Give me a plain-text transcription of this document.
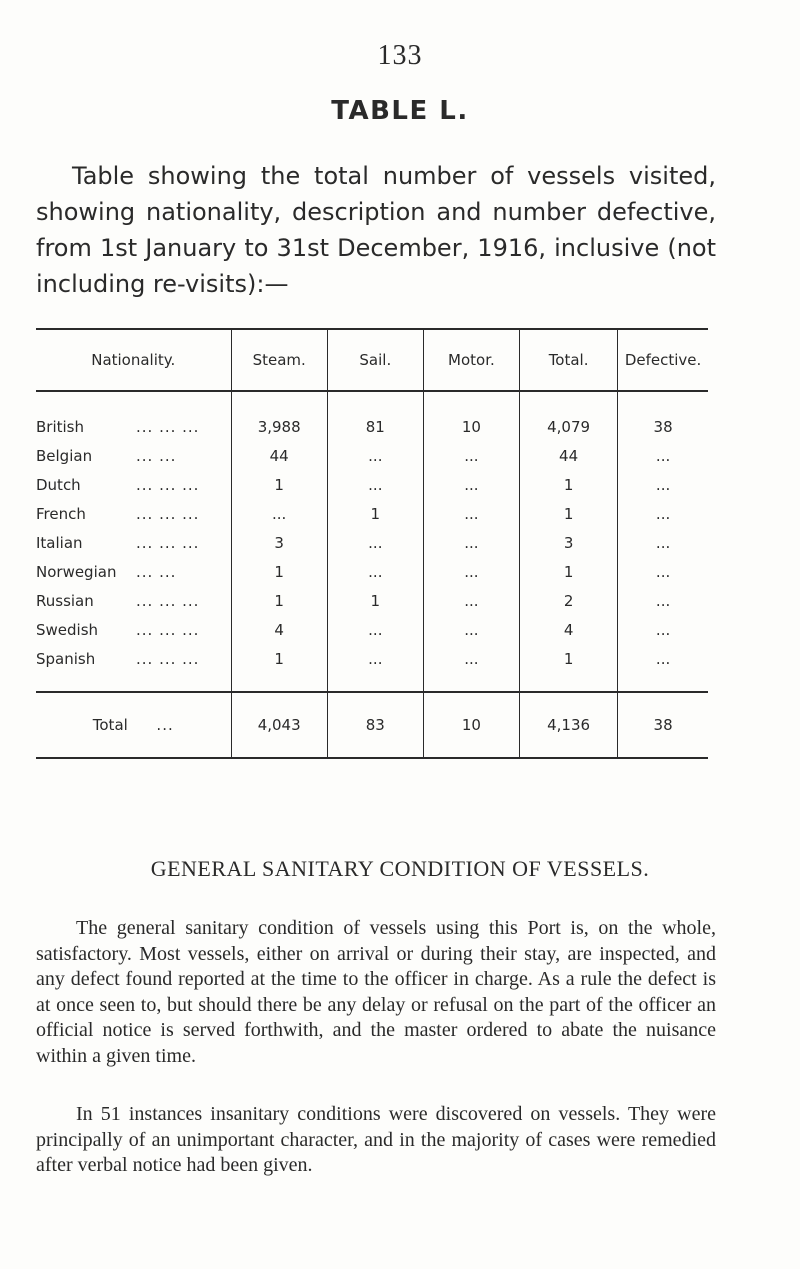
133
TABLE L.
Table showing the total number of vessels visited, showing nationality, description and number defective, from 1st January to 31st December, 1916, inclusive (not including re-visits):—
Nationality.	Steam.	Sail.	Motor.	Total.	Defective.
British ... ... ...	3,988	81	10	4,079	38
Belgian ... ...	44	...	...	44	...
Dutch ... ... ...	1	...	...	1	...
French ... ... ...	...	1	...	1	...
Italian ... ... ...	3	...	...	3	...
Norwegian ... ...	1	...	...	1	...
Russian ... ... ...	1	1	...	2	...
Swedish ... ... ...	4	...	...	4	...
Spanish ... ... ...	1	...	...	1	...
Total ...	4,043	83	10	4,136	38
GENERAL SANITARY CONDITION OF VESSELS.
The general sanitary condition of vessels using this Port is, on the whole, satisfactory. Most vessels, either on arrival or during their stay, are inspected, and any defect found reported at the time to the officer in charge. As a rule the defect is at once seen to, but should there be any delay or refusal on the part of the officer an official notice is served forthwith, and the master ordered to abate the nuisance within a given time.
In 51 instances insanitary conditions were discovered on vessels. They were principally of an unimportant character, and in the majority of cases were remedied after verbal notice had been given.
